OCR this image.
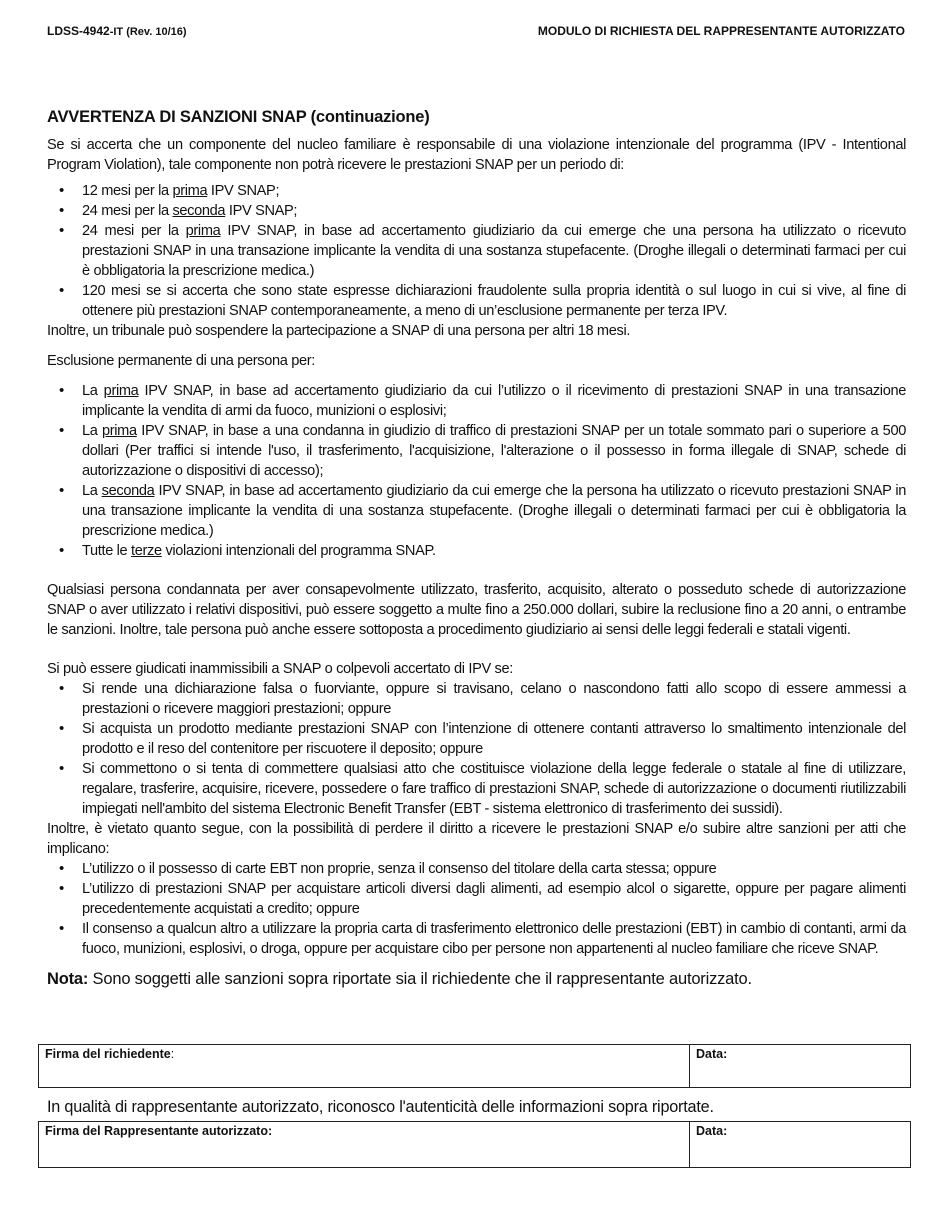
LDSS-4942-IT (Rev. 10/16)	MODULO DI RICHIESTA DEL RAPPRESENTANTE AUTORIZZATO
AVVERTENZA DI SANZIONI SNAP (continuazione)

Se si accerta che un componente del nucleo familiare è responsabile di una violazione intenzionale del programma (IPV - Intentional Program Violation), tale componente non potrà ricevere le prestazioni SNAP per un periodo di:

• 12 mesi per la prima IPV SNAP;
• 24 mesi per la seconda IPV SNAP;
• 24 mesi per la prima IPV SNAP, in base ad accertamento giudiziario da cui emerge che una persona ha utilizzato o ricevuto prestazioni SNAP in una transazione implicante la vendita di una sostanza stupefacente. (Droghe illegali o determinati farmaci per cui è obbligatoria la prescrizione medica.)
• 120 mesi se si accerta che sono state espresse dichiarazioni fraudolente sulla propria identità o sul luogo in cui si vive, al fine di ottenere più prestazioni SNAP contemporaneamente, a meno di un’esclusione permanente per terza IPV.

Inoltre, un tribunale può sospendere la partecipazione a SNAP di una persona per altri 18 mesi.

Esclusione permanente di una persona per:

• La prima IPV SNAP, in base ad accertamento giudiziario da cui l’utilizzo o il ricevimento di prestazioni SNAP in una transazione implicante la vendita di armi da fuoco, munizioni o esplosivi;
• La prima IPV SNAP, in base a una condanna in giudizio di traffico di prestazioni SNAP per un totale sommato pari o superiore a 500 dollari (Per traffici si intende l'uso, il trasferimento, l'acquisizione, l'alterazione o il possesso in forma illegale di SNAP, schede di autorizzazione o dispositivi di accesso);
• La seconda IPV SNAP, in base ad accertamento giudiziario da cui emerge che la persona ha utilizzato o ricevuto prestazioni SNAP in una transazione implicante la vendita di una sostanza stupefacente. (Droghe illegali o determinati farmaci per cui è obbligatoria la prescrizione medica.)
• Tutte le terze violazioni intenzionali del programma SNAP.

Qualsiasi persona condannata per aver consapevolmente utilizzato, trasferito, acquisito, alterato o posseduto schede di autorizzazione SNAP o aver utilizzato i relativi dispositivi, può essere soggetto a multe fino a 250.000 dollari, subire la reclusione fino a 20 anni, o entrambe le sanzioni. Inoltre, tale persona può anche essere sottoposta a procedimento giudiziario ai sensi delle leggi federali e statali vigenti.

Si può essere giudicati inammissibili a SNAP o colpevoli accertato di IPV se:

• Si rende una dichiarazione falsa o fuorviante, oppure si travisano, celano o nascondono fatti allo scopo di essere ammessi a prestazioni o ricevere maggiori prestazioni; oppure
• Si acquista un prodotto mediante prestazioni SNAP con l’intenzione di ottenere contanti attraverso lo smaltimento intenzionale del prodotto e il reso del contenitore per riscuotere il deposito; oppure
• Si commettono o si tenta di commettere qualsiasi atto che costituisce violazione della legge federale o statale al fine di utilizzare, regalare, trasferire, acquisire, ricevere, possedere o fare traffico di prestazioni SNAP, schede di autorizzazione o documenti riutilizzabili impiegati nell'ambito del sistema Electronic Benefit Transfer (EBT - sistema elettronico di trasferimento dei sussidi).

Inoltre, è vietato quanto segue, con la possibilità di perdere il diritto a ricevere le prestazioni SNAP e/o subire altre sanzioni per atti che implicano:

• L’utilizzo o il possesso di carte EBT non proprie, senza il consenso del titolare della carta stessa; oppure
• L’utilizzo di prestazioni SNAP per acquistare articoli diversi dagli alimenti, ad esempio alcol o sigarette, oppure per pagare alimenti precedentemente acquistati a credito; oppure
• Il consenso a qualcun altro a utilizzare la propria carta di trasferimento elettronico delle prestazioni (EBT) in cambio di contanti, armi da fuoco, munizioni, esplosivi, o droga, oppure per acquistare cibo per persone non appartenenti al nucleo familiare che riceve SNAP.
Nota: Sono soggetti alle sanzioni sopra riportate sia il richiedente che il rappresentante autorizzato.
Firma del richiedente:	Data:
In qualità di rappresentante autorizzato, riconosco l'autenticità delle informazioni sopra riportate.
Firma del Rappresentante autorizzato:	Data:
